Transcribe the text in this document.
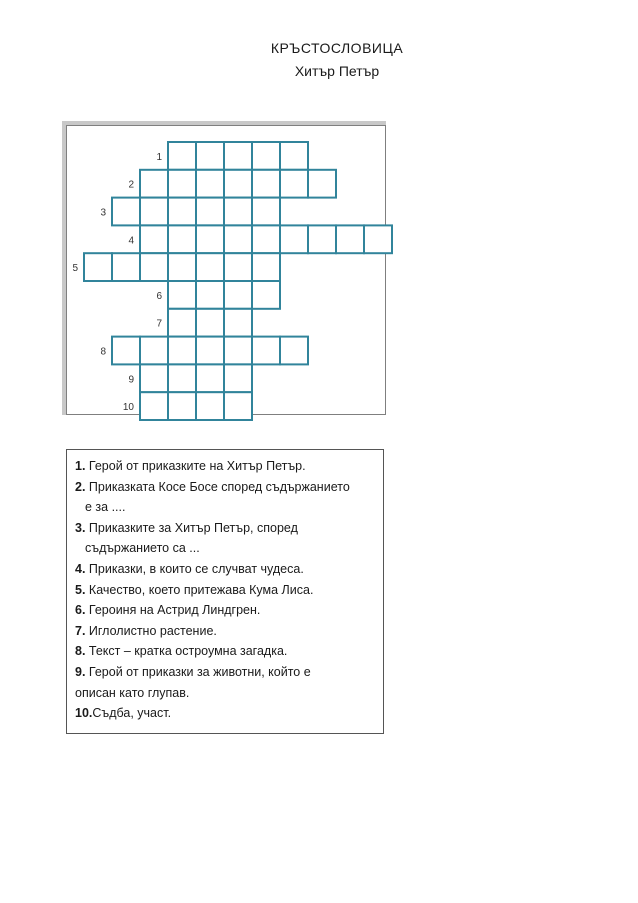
КРЪСТОСЛОВИЦА
Хитър Петър
1
2
3
4
5
6
7
8
9
10
1. Герой от приказките на Хитър Петър.
2. Приказката Косе Босе според съдържанието
е за ....
3. Приказките за Хитър Петър, според
съдържанието са ...
4. Приказки, в които се случват чудеса.
5. Качество, което притежава Кума Лиса.
6. Героиня на Астрид Линдгрен.
7. Иглолистно растение.
8. Текст – кратка остроумна загадка.
9. Герой от приказки за животни, който е
описан като глупав.
10.Съдба, участ.
